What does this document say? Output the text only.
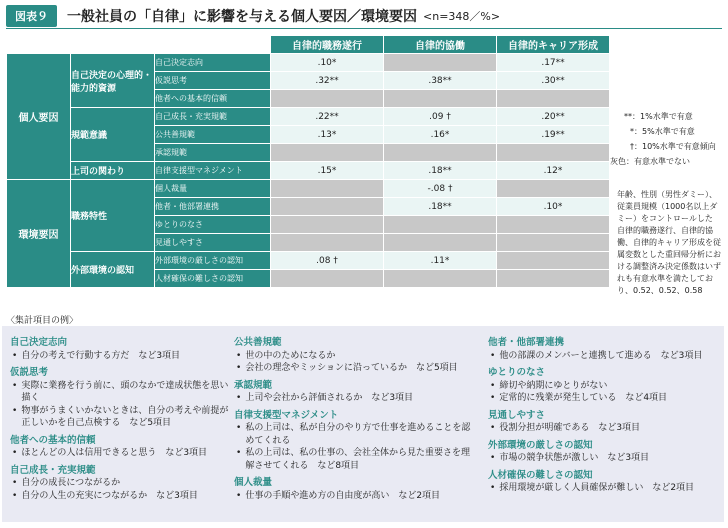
図表９	一般社員の「自律」に影響を与える個人要因／環境要因 <n=348／%>
			自律的職務遂行	自律的協働	自律的キャリア形成
個人要因	自己決定の心理的・能力的資源	自己決定志向	.10*		.17**
		仮説思考	.32**	.38**	.30**
		他者への基本的信頼			
	規範意識	自己成長・充実規範	.22**	.09 †	.20**
		公共善規範	.13*	.16*	.19**
		承認規範			
	上司の関わり	自律支援型マネジメント	.15*	.18**	.12*
環境要因	職務特性	個人裁量		-.08 †	
		他者・他部署連携		.18**	.10*
		ゆとりのなさ			
		見通しやすさ			
	外部環境の認知	外部環境の厳しさの認知	.08 †	.11*	
		人材確保の難しさの認知			
**：1%水準で有意
*：5%水準で有意
†：10%水準で有意傾向
灰色：有意水準でない
年齢、性別（男性ダミー）、従業員規模（1000名以上ダミー）をコントロールした 自律的職務遂行、自律的協働、自律的キャリア形成を従属変数とした重回帰分析における調整済み決定係数はいずれも有意水準を満たしており、0.52、0.52、0.58
〈集計項目の例〉
自己決定志向
• 自分の考えで行動する方だ　など3項目
仮説思考
• 実際に業務を行う前に、頭のなかで達成状態を思い描く
• 物事がうまくいかないときは、自分の考えや前提が正しいかを自己点検する　など5項目
他者への基本的信頼
• ほとんどの人は信用できると思う　など3項目
自己成長・充実規範
• 自分の成長につながるか
• 自分の人生の充実につながるか　など3項目
公共善規範
• 世の中のためになるか
• 会社の理念やミッションに沿っているか　など5項目
承認規範
• 上司や会社から評価されるか　など3項目
自律支援型マネジメント
• 私の上司は、私が自分のやり方で仕事を進めることを認めてくれる
• 私の上司は、私の仕事の、会社全体から見た重要さを理解させてくれる　など8項目
個人裁量
• 仕事の手順や進め方の自由度が高い　など2項目
他者・他部署連携
• 他の部課のメンバーと連携して進める　など3項目
ゆとりのなさ
• 締切や納期にゆとりがない
• 定常的に残業が発生している　など4項目
見通しやすさ
• 役割分担が明確である　など3項目
外部環境の厳しさの認知
• 市場の競争状態が激しい　など3項目
人材確保の難しさの認知
• 採用環境が厳しく人員確保が難しい　など2項目
